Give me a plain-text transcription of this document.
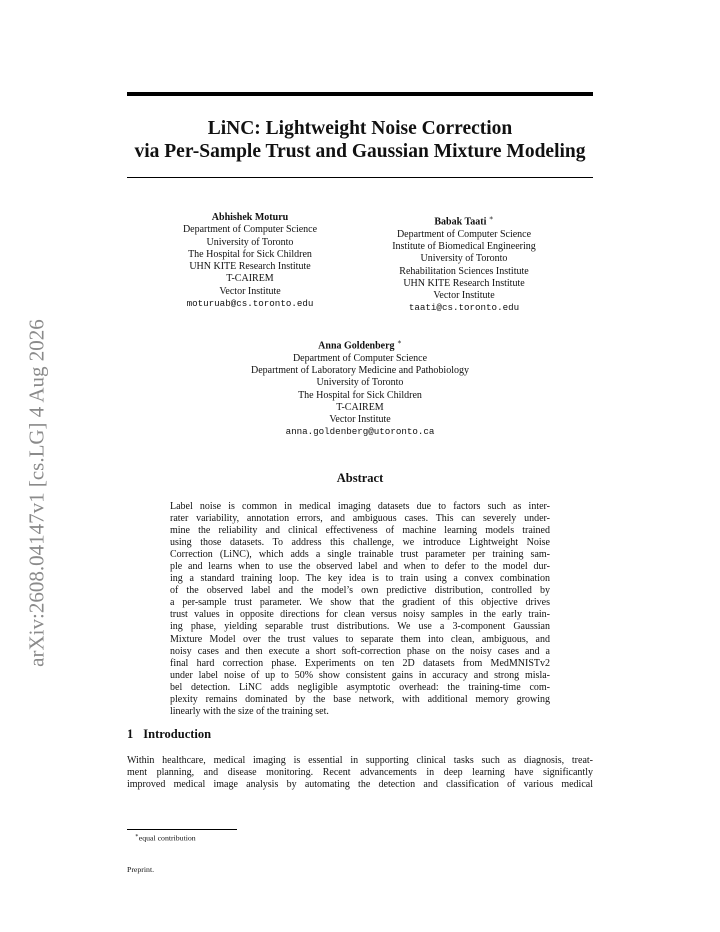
arXiv:2608.04147v1 [cs.LG] 4 Aug 2026
LiNC: Lightweight Noise Correction
via Per-Sample Trust and Gaussian Mixture Modeling
Abhishek Moturu
Department of Computer Science
University of Toronto
The Hospital for Sick Children
UHN KITE Research Institute
T-CAIREM
Vector Institute
moturuab@cs.toronto.edu
Babak Taati ∗
Department of Computer Science
Institute of Biomedical Engineering
University of Toronto
Rehabilitation Sciences Institute
UHN KITE Research Institute
Vector Institute
taati@cs.toronto.edu
Anna Goldenberg ∗
Department of Computer Science
Department of Laboratory Medicine and Pathobiology
University of Toronto
The Hospital for Sick Children
T-CAIREM
Vector Institute
anna.goldenberg@utoronto.ca
Abstract
Label noise is common in medical imaging datasets due to factors such as inter-
rater variability, annotation errors, and ambiguous cases. This can severely under-
mine the reliability and clinical effectiveness of machine learning models trained
using those datasets. To address this challenge, we introduce Lightweight Noise
Correction (LiNC), which adds a single trainable trust parameter per training sam-
ple and learns when to use the observed label and when to defer to the model dur-
ing a standard training loop. The key idea is to train using a convex combination
of the observed label and the model’s own predictive distribution, controlled by
a per-sample trust parameter. We show that the gradient of this objective drives
trust values in opposite directions for clean versus noisy samples in the early train-
ing phase, yielding separable trust distributions. We use a 3-component Gaussian
Mixture Model over the trust values to separate them into clean, ambiguous, and
noisy cases and then execute a short soft-correction phase on the noisy cases and a
final hard correction phase. Experiments on ten 2D datasets from MedMNISTv2
under label noise of up to 50% show consistent gains in accuracy and strong misla-
bel detection. LiNC adds negligible asymptotic overhead: the training-time com-
plexity remains dominated by the base network, with additional memory growing
linearly with the size of the training set.
1 Introduction
Within healthcare, medical imaging is essential in supporting clinical tasks such as diagnosis, treat-
ment planning, and disease monitoring. Recent advancements in deep learning have significantly
improved medical image analysis by automating the detection and classification of various medical
∗equal contribution
Preprint.
